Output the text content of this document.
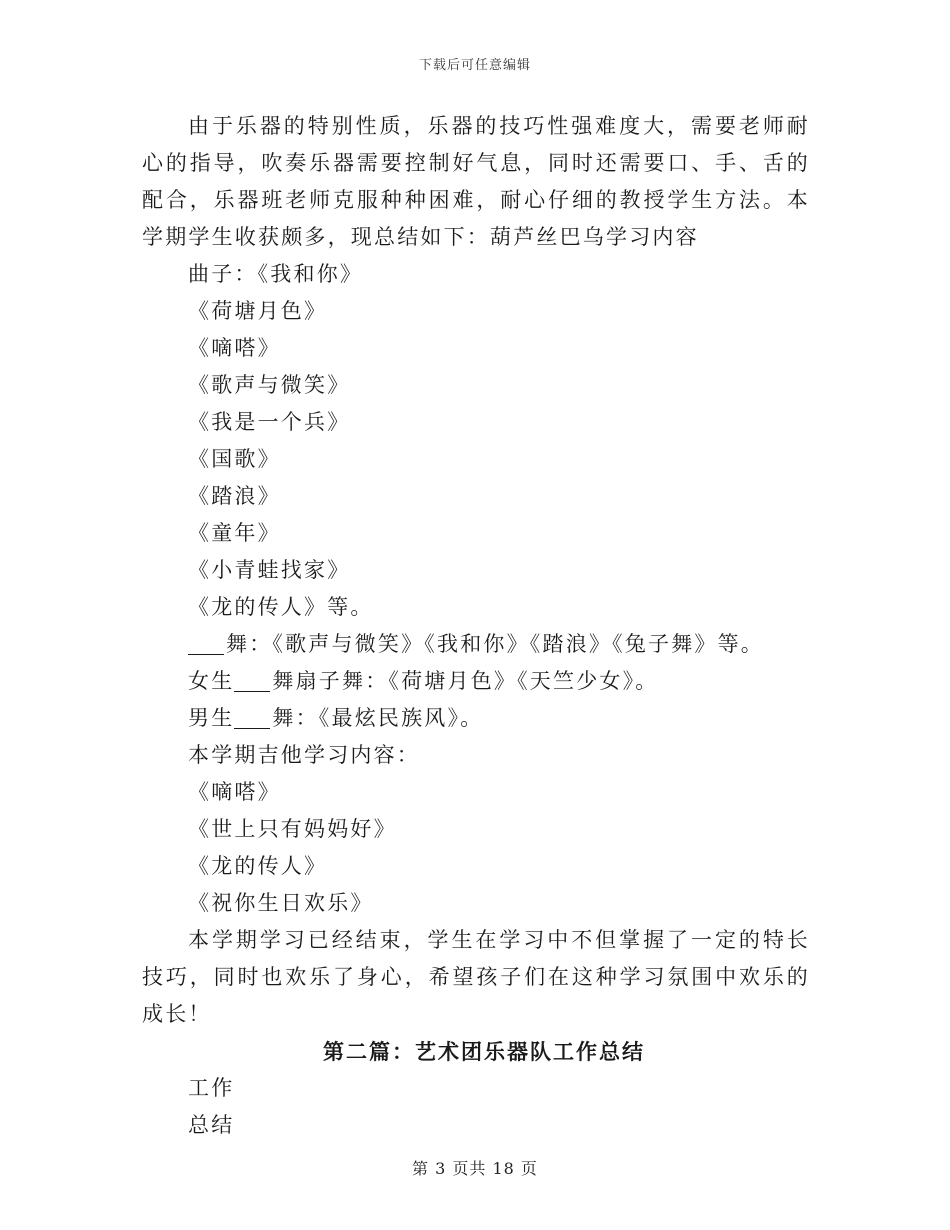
下载后可任意编辑

由于乐器的特别性质，乐器的技巧性强难度大，需要老师耐心的指导，吹奏乐器需要控制好气息，同时还需要口、手、舌的配合，乐器班老师克服种种困难，耐心仔细的教授学生方法。本学期学生收获颇多，现总结如下：葫芦丝巴乌学习内容

曲子：《我和你》

《荷塘月色》

《嘀嗒》

《歌声与微笑》

《我是一个兵》

《国歌》

《踏浪》

《童年》

《小青蛙找家》

《龙的传人》等。

舞：《歌声与微笑》《我和你》《踏浪》《兔子舞》等。

女生 舞扇子舞：《荷塘月色》《天竺少女》。

男生 舞：《最炫民族风》。

本学期吉他学习内容：

《嘀嗒》

《世上只有妈妈好》

《龙的传人》

《祝你生日欢乐》

本学期学习已经结束，学生在学习中不但掌握了一定的特长技巧，同时也欢乐了身心，希望孩子们在这种学习氛围中欢乐的成长！

第二篇：艺术团乐器队工作总结

工作

总结

第 3 页共 18 页
